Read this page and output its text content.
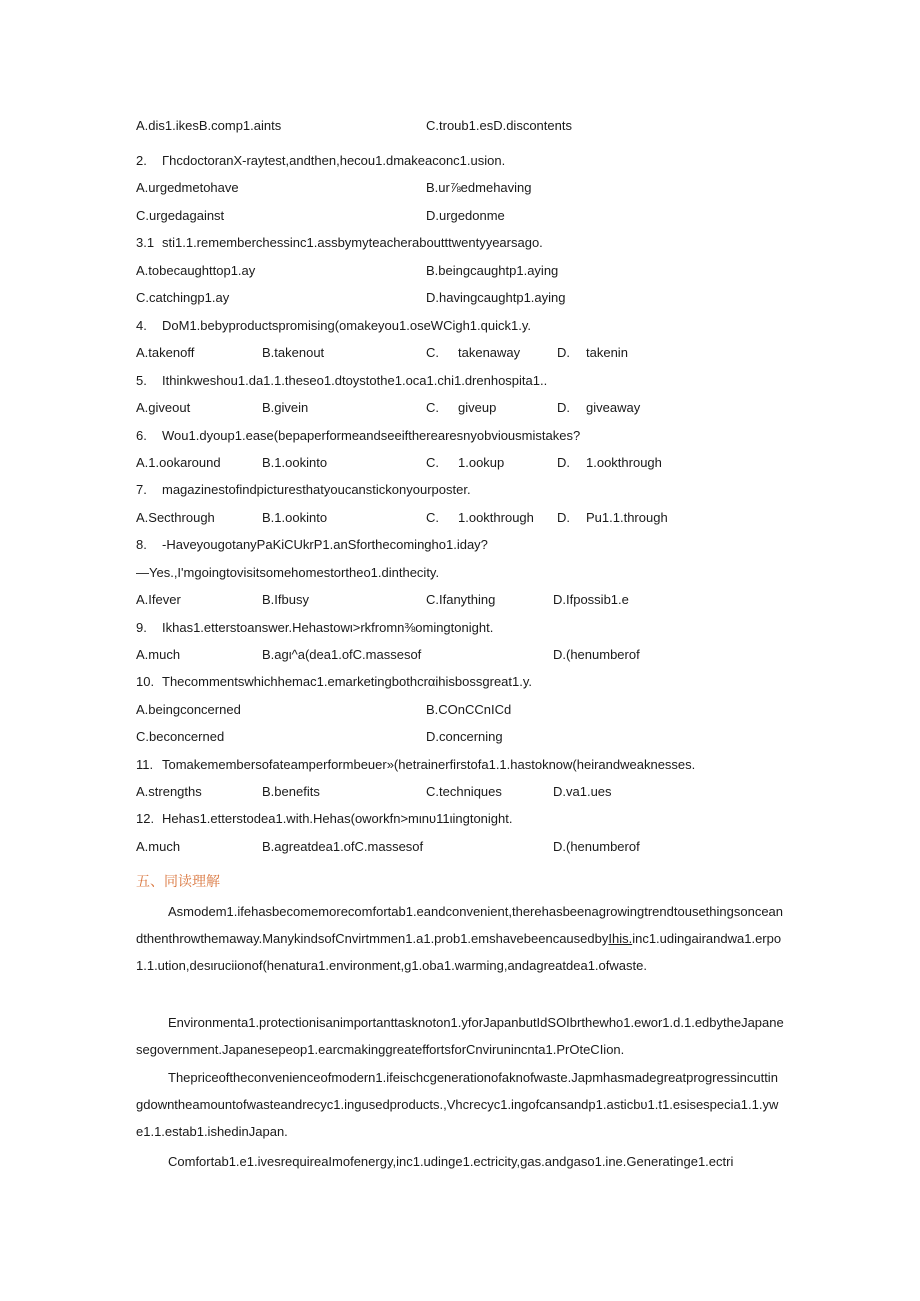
A.dis1.ikesB.comp1.aints	C.troub1.esD.discontents
2. ΓhcdoctoranX-raytest,andthen,hecou1.dmakeaconc1.usion.
A.urgedmetohave	B.ur⅞edmehaving
C.urgedagainst	D.urgedonme
3.1 sti1.1.rememberchessinc1.assbymyteacheraboutttwentyyearsago.
A.tobecaughttop1.ay	B.beingcaughtp1.aying
C.catchingp1.ay	D.havingcaughtp1.aying
4. DoM1.bebyproductspromising(omakeyou1.oseWCigh1.quick1.y.
A.takenoff	B.takenout	C. takenaway	D. takenin
5. Ithinkweshou1.da1.1.theseo1.dtoystothe1.oca1.chi1.drenhospita1..
A.giveout	B.givein	C. giveup	D. giveaway
6. Wou1.dyoup1.ease(bepaperformeandseeiftherearesnyobviousmistakes?
A.1.ookaround	B.1.ookinto	C. 1.ookup	D. 1.ookthrough
7. magazinestofindpicturesthatyoucanstickonyourposter.
A.Secthrough	B.1.ookinto	C. 1.ookthrough D. Pu1.1.through
8. -HaveyougotanyPaKiCUkrP1.anSforthecomingho1.iday?
—Yes.,I'mgoingtovisitsomehomestortheo1.dinthecity.
A.Ifever	B.Ifbusy	C.Ifanything	D.Ifpossib1.e
9. Ikhas1.etterstoanswer.Hehastowι>rkfromn⅜omingtonight.
A.much	B.agι^a(dea1.ofC.massesof	D.(henumberof
10. Thecommentswhichhemac1.emarketingbothcrαihisbossgreat1.y.
A.beingconcerned	B.COnCCnICd
C.beconcerned	D.concerning
11. Tomakemembersofateamperformbeuer»(hetrainerfirstofa1.1.hastoknow(heirandweaknesses.
A.strengths	B.benefits	C.techniques	D.va1.ues
12. Hehas1.etterstodea1.with.Hehas(oworkfn>mιnυ11ιingtonight.
A.much	B.agreatdea1.ofC.massesof	D.(henumberof
五、同读理解
Asmodem1.ifehasbecomemorecomfortab1.eandconvenient,therehasbeenagrowingtrendtousethingsonceandthenthrowthemaway.ManykindsofCnvirtmmen1.a1.prob1.emshavebeencausedbyIhis.inc1.udingairandwa1.erpo1.1.ution,desιruciionof(henatura1.environment,g1.oba1.warming,andagreatdea1.ofwaste.
Environmenta1.protectionisanimportanttasknoton1.yforJapanbutIdSOIbrthewho1.ewor1.d.1.edbytheJapanesegovernment.Japanesepeop1.earcmakinggreateffortsforCnvirunincnta1.PrOteCIion.
Thepriceoftheconvenienceofmodern1.ifeischcgenerationofaknofwaste.Japmhasmadegreatprogressincuttingdowntheamountofwasteandrecyc1.ingusedproducts.,Vhcrecyc1.ingofcansandp1.asticbυ1.t1.esisespecia1.1.ywe1.1.estab1.ishedinJapan.
Comfortab1.e1.ivesrequireaImofenergy,inc1.udinge1.ectricity,gas.andgaso1.ine.Generatinge1.ectri
